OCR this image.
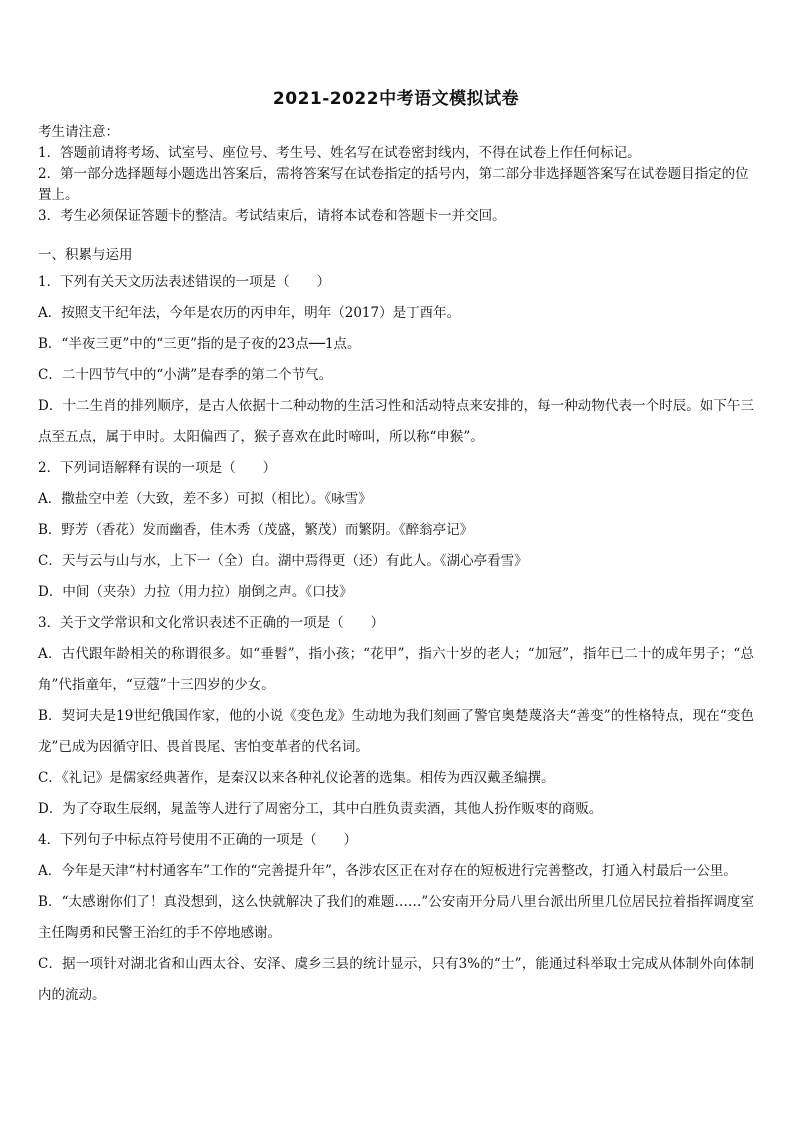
2021-2022中考语文模拟试卷

考生请注意：

1．答题前请将考场、试室号、座位号、考生号、姓名写在试卷密封线内，不得在试卷上作任何标记。

2．第一部分选择题每小题选出答案后，需将答案写在试卷指定的括号内，第二部分非选择题答案写在试卷题目指定的位置上。

3．考生必须保证答题卡的整洁。考试结束后，请将本试卷和答题卡一并交回。

一、积累与运用

1．下列有关天文历法表述错误的一项是（　　）

A．按照支干纪年法，今年是农历的丙申年，明年（2017）是丁酉年。

B．“半夜三更”中的“三更”指的是子夜的23点──1点。

C．二十四节气中的“小满”是春季的第二个节气。

D．十二生肖的排列顺序，是古人依据十二种动物的生活习性和活动特点来安排的，每一种动物代表一个时辰。如下午三点至五点，属于申时。太阳偏西了，猴子喜欢在此时啼叫，所以称“申猴”。

2．下列词语解释有误的一项是（　　）

A．撒盐空中差（大致，差不多）可拟（相比）。《咏雪》

B．野芳（香花）发而幽香，佳木秀（茂盛，繁茂）而繁阴。《醉翁亭记》

C．天与云与山与水，上下一（全）白。湖中焉得更（还）有此人。《湖心亭看雪》

D．中间（夹杂）力拉（用力拉）崩倒之声。《口技》

3．关于文学常识和文化常识表述不正确的一项是（　　）

A．古代跟年龄相关的称谓很多。如“垂髫”，指小孩；“花甲”，指六十岁的老人；“加冠”，指年已二十的成年男子；“总角”代指童年，“豆蔻”十三四岁的少女。

B．契诃夫是19世纪俄国作家，他的小说《变色龙》生动地为我们刻画了警官奥楚蔑洛夫“善变”的性格特点，现在“变色龙”已成为因循守旧、畏首畏尾、害怕变革者的代名词。

C．《礼记》是儒家经典著作，是秦汉以来各种礼仪论著的选集。相传为西汉戴圣编撰。

D．为了夺取生辰纲，晁盖等人进行了周密分工，其中白胜负责卖酒，其他人扮作贩枣的商贩。

4．下列句子中标点符号使用不正确的一项是（　　）

A．今年是天津“村村通客车”工作的“完善提升年”，各涉农区正在对存在的短板进行完善整改，打通入村最后一公里。

B．“太感谢你们了！真没想到，这么快就解决了我们的难题……”公安南开分局八里台派出所里几位居民拉着指挥调度室主任陶勇和民警王治红的手不停地感谢。

C．据一项针对湖北省和山西太谷、安泽、虞乡三县的统计显示，只有3%的“士”，能通过科举取士完成从体制外向体制内的流动。
